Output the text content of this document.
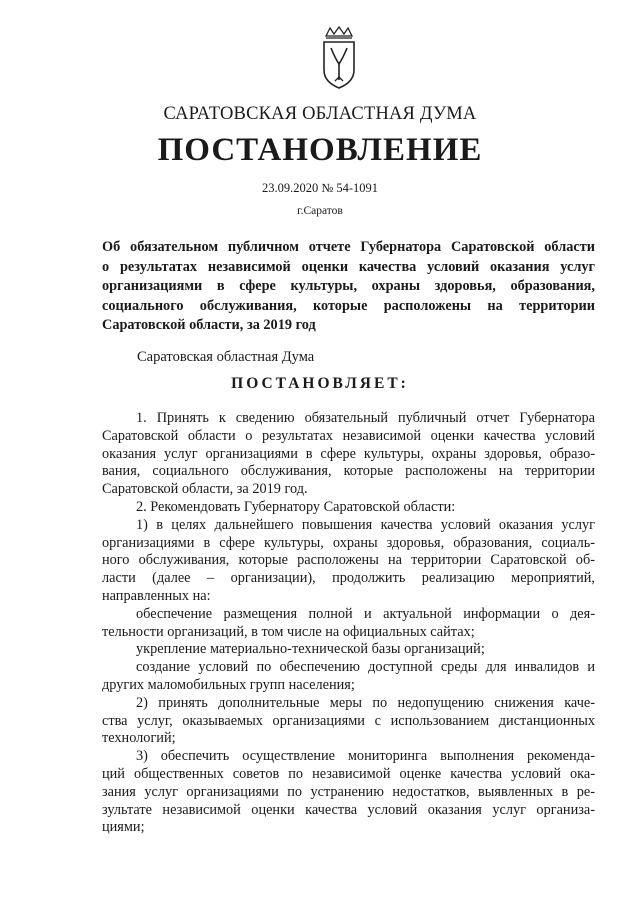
САРАТОВСКАЯ ОБЛАСТНАЯ ДУМА
ПОСТАНОВЛЕНИЕ
23.09.2020 № 54-1091
г.Саратов
Об обязательном публичном отчете Губернатора Саратовской области
о результатах независимой оценки качества условий оказания услуг
организациями в сфере культуры, охраны здоровья, образования,
социального обслуживания, которые расположены на территории
Саратовской области, за 2019 год
Саратовская областная Дума
ПОСТАНОВЛЯЕТ:
1. Принять к сведению обязательный публичный отчет Губернатора
Саратовской области о результатах независимой оценки качества условий
оказания услуг организациями в сфере культуры, охраны здоровья, образо-
вания, социального обслуживания, которые расположены на территории
Саратовской области, за 2019 год.
2. Рекомендовать Губернатору Саратовской области:
1) в целях дальнейшего повышения качества условий оказания услуг
организациями в сфере культуры, охраны здоровья, образования, социаль-
ного обслуживания, которые расположены на территории Саратовской об-
ласти (далее – организации), продолжить реализацию мероприятий,
направленных на:
обеспечение размещения полной и актуальной информации о дея-
тельности организаций, в том числе на официальных сайтах;
укрепление материально-технической базы организаций;
создание условий по обеспечению доступной среды для инвалидов и
других маломобильных групп населения;
2) принять дополнительные меры по недопущению снижения каче-
ства услуг, оказываемых организациями с использованием дистанционных
технологий;
3) обеспечить осуществление мониторинга выполнения рекоменда-
ций общественных советов по независимой оценке качества условий ока-
зания услуг организациями по устранению недостатков, выявленных в ре-
зультате независимой оценки качества условий оказания услуг организа-
циями;
